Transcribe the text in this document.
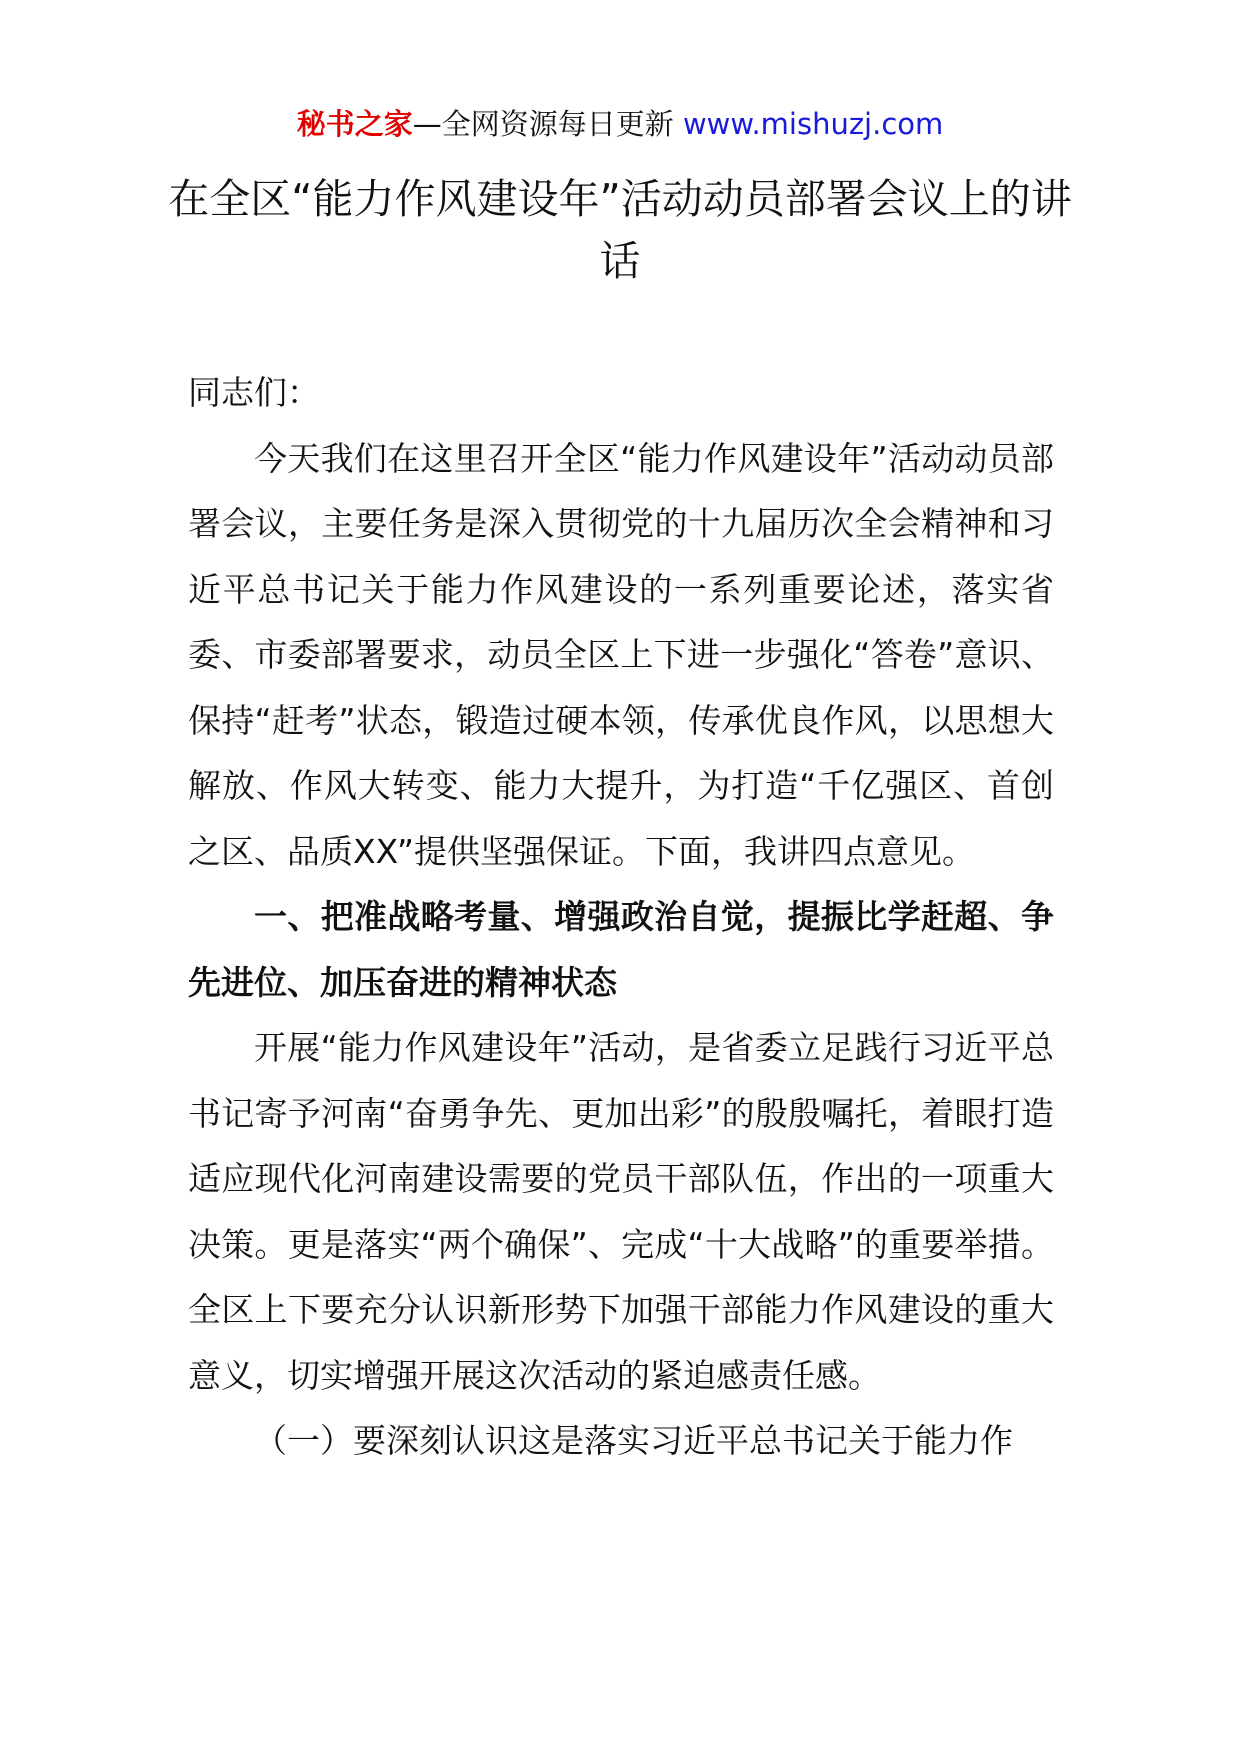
秘书之家—全网资源每日更新 www.mishuzj.com
在全区“能力作风建设年”活动动员部署会议上的讲话

同志们：

今天我们在这里召开全区“能力作风建设年”活动动员部署会议，主要任务是深入贯彻党的十九届历次全会精神和习近平总书记关于能力作风建设的一系列重要论述，落实省委、市委部署要求，动员全区上下进一步强化“答卷”意识、保持“赶考”状态，锻造过硬本领，传承优良作风，以思想大解放、作风大转变、能力大提升，为打造“千亿强区、首创之区、品质XX”提供坚强保证。下面，我讲四点意见。

一、把准战略考量、增强政治自觉，提振比学赶超、争先进位、加压奋进的精神状态

开展“能力作风建设年”活动，是省委立足践行习近平总书记寄予河南“奋勇争先、更加出彩”的殷殷嘱托，着眼打造适应现代化河南建设需要的党员干部队伍，作出的一项重大决策。更是落实“两个确保”、完成“十大战略”的重要举措。全区上下要充分认识新形势下加强干部能力作风建设的重大意义，切实增强开展这次活动的紧迫感责任感。

（一）要深刻认识这是落实习近平总书记关于能力作
